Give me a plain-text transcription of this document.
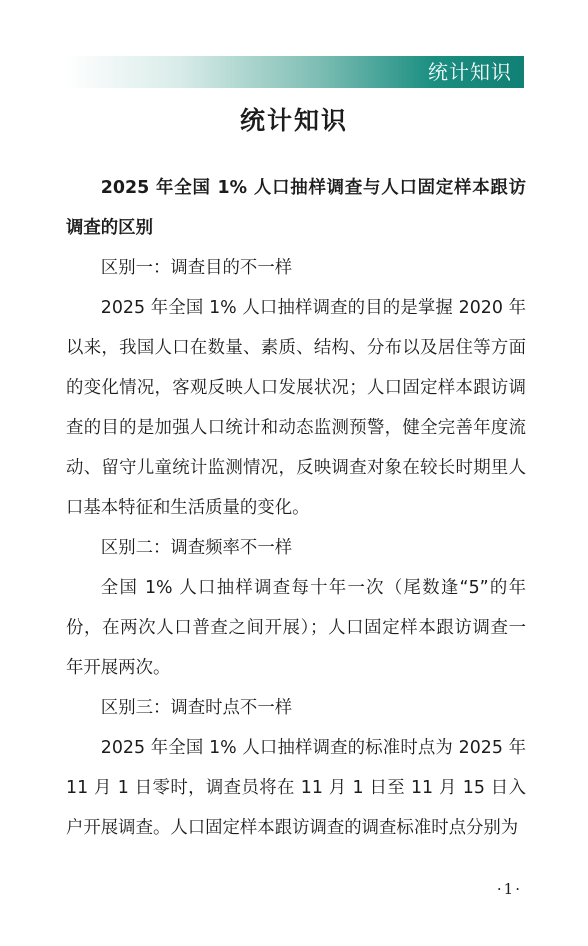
统计知识
统计知识

2025 年全国 1% 人口抽样调查与人口固定样本跟访调查的区别

区别一：调查目的不一样

2025 年全国 1% 人口抽样调查的目的是掌握 2020 年以来，我国人口在数量、素质、结构、分布以及居住等方面的变化情况，客观反映人口发展状况；人口固定样本跟访调查的目的是加强人口统计和动态监测预警，健全完善年度流动、留守儿童统计监测情况，反映调查对象在较长时期里人口基本特征和生活质量的变化。

区别二：调查频率不一样

全国 1% 人口抽样调查每十年一次（尾数逢“5”的年份，在两次人口普查之间开展）；人口固定样本跟访调查一年开展两次。

区别三：调查时点不一样

2025 年全国 1% 人口抽样调查的标准时点为 2025 年 11 月 1 日零时，调查员将在 11 月 1 日至 11 月 15 日入户开展调查。人口固定样本跟访调查的调查标准时点分别为

·1·
